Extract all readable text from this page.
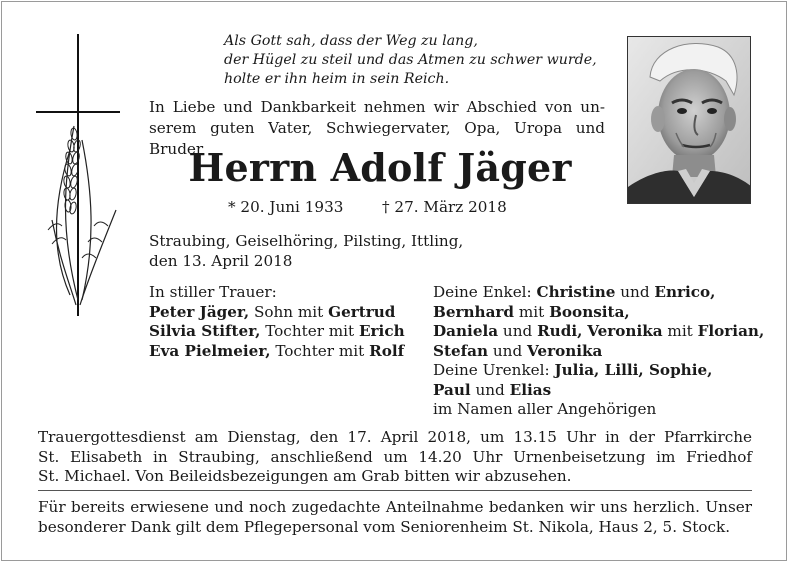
Als Gott sah, dass der Weg zu lang,
der Hügel zu steil und das Atmen zu schwer wurde,
holte er ihn heim in sein Reich.
In Liebe und Dankbarkeit nehmen wir Abschied von un-
serem guten Vater, Schwiegervater, Opa, Uropa und Bruder
Herrn Adolf Jäger
* 20. Juni 1933	† 27. März 2018
Straubing, Geiselhöring, Pilsting, Ittling,
den 13. April 2018
In stiller Trauer:
Peter Jäger, Sohn mit Gertrud
Silvia Stifter, Tochter mit Erich
Eva Pielmeier, Tochter mit Rolf
Deine Enkel: Christine und Enrico,
Bernhard mit Boonsita,
Daniela und Rudi, Veronika mit Florian,
Stefan und Veronika
Deine Urenkel: Julia, Lilli, Sophie,
Paul und Elias
im Namen aller Angehörigen
Trauergottesdienst am Dienstag, den 17. April 2018, um 13.15 Uhr in der Pfarrkirche
St. Elisabeth in Straubing, anschließend um 14.20 Uhr Urnenbeisetzung im Friedhof
St. Michael. Von Beileidsbezeigungen am Grab bitten wir abzusehen.
Für bereits erwiesene und noch zugedachte Anteilnahme bedanken wir uns herzlich. Unser
besonderer Dank gilt dem Pflegepersonal vom Seniorenheim St. Nikola, Haus 2, 5. Stock.
